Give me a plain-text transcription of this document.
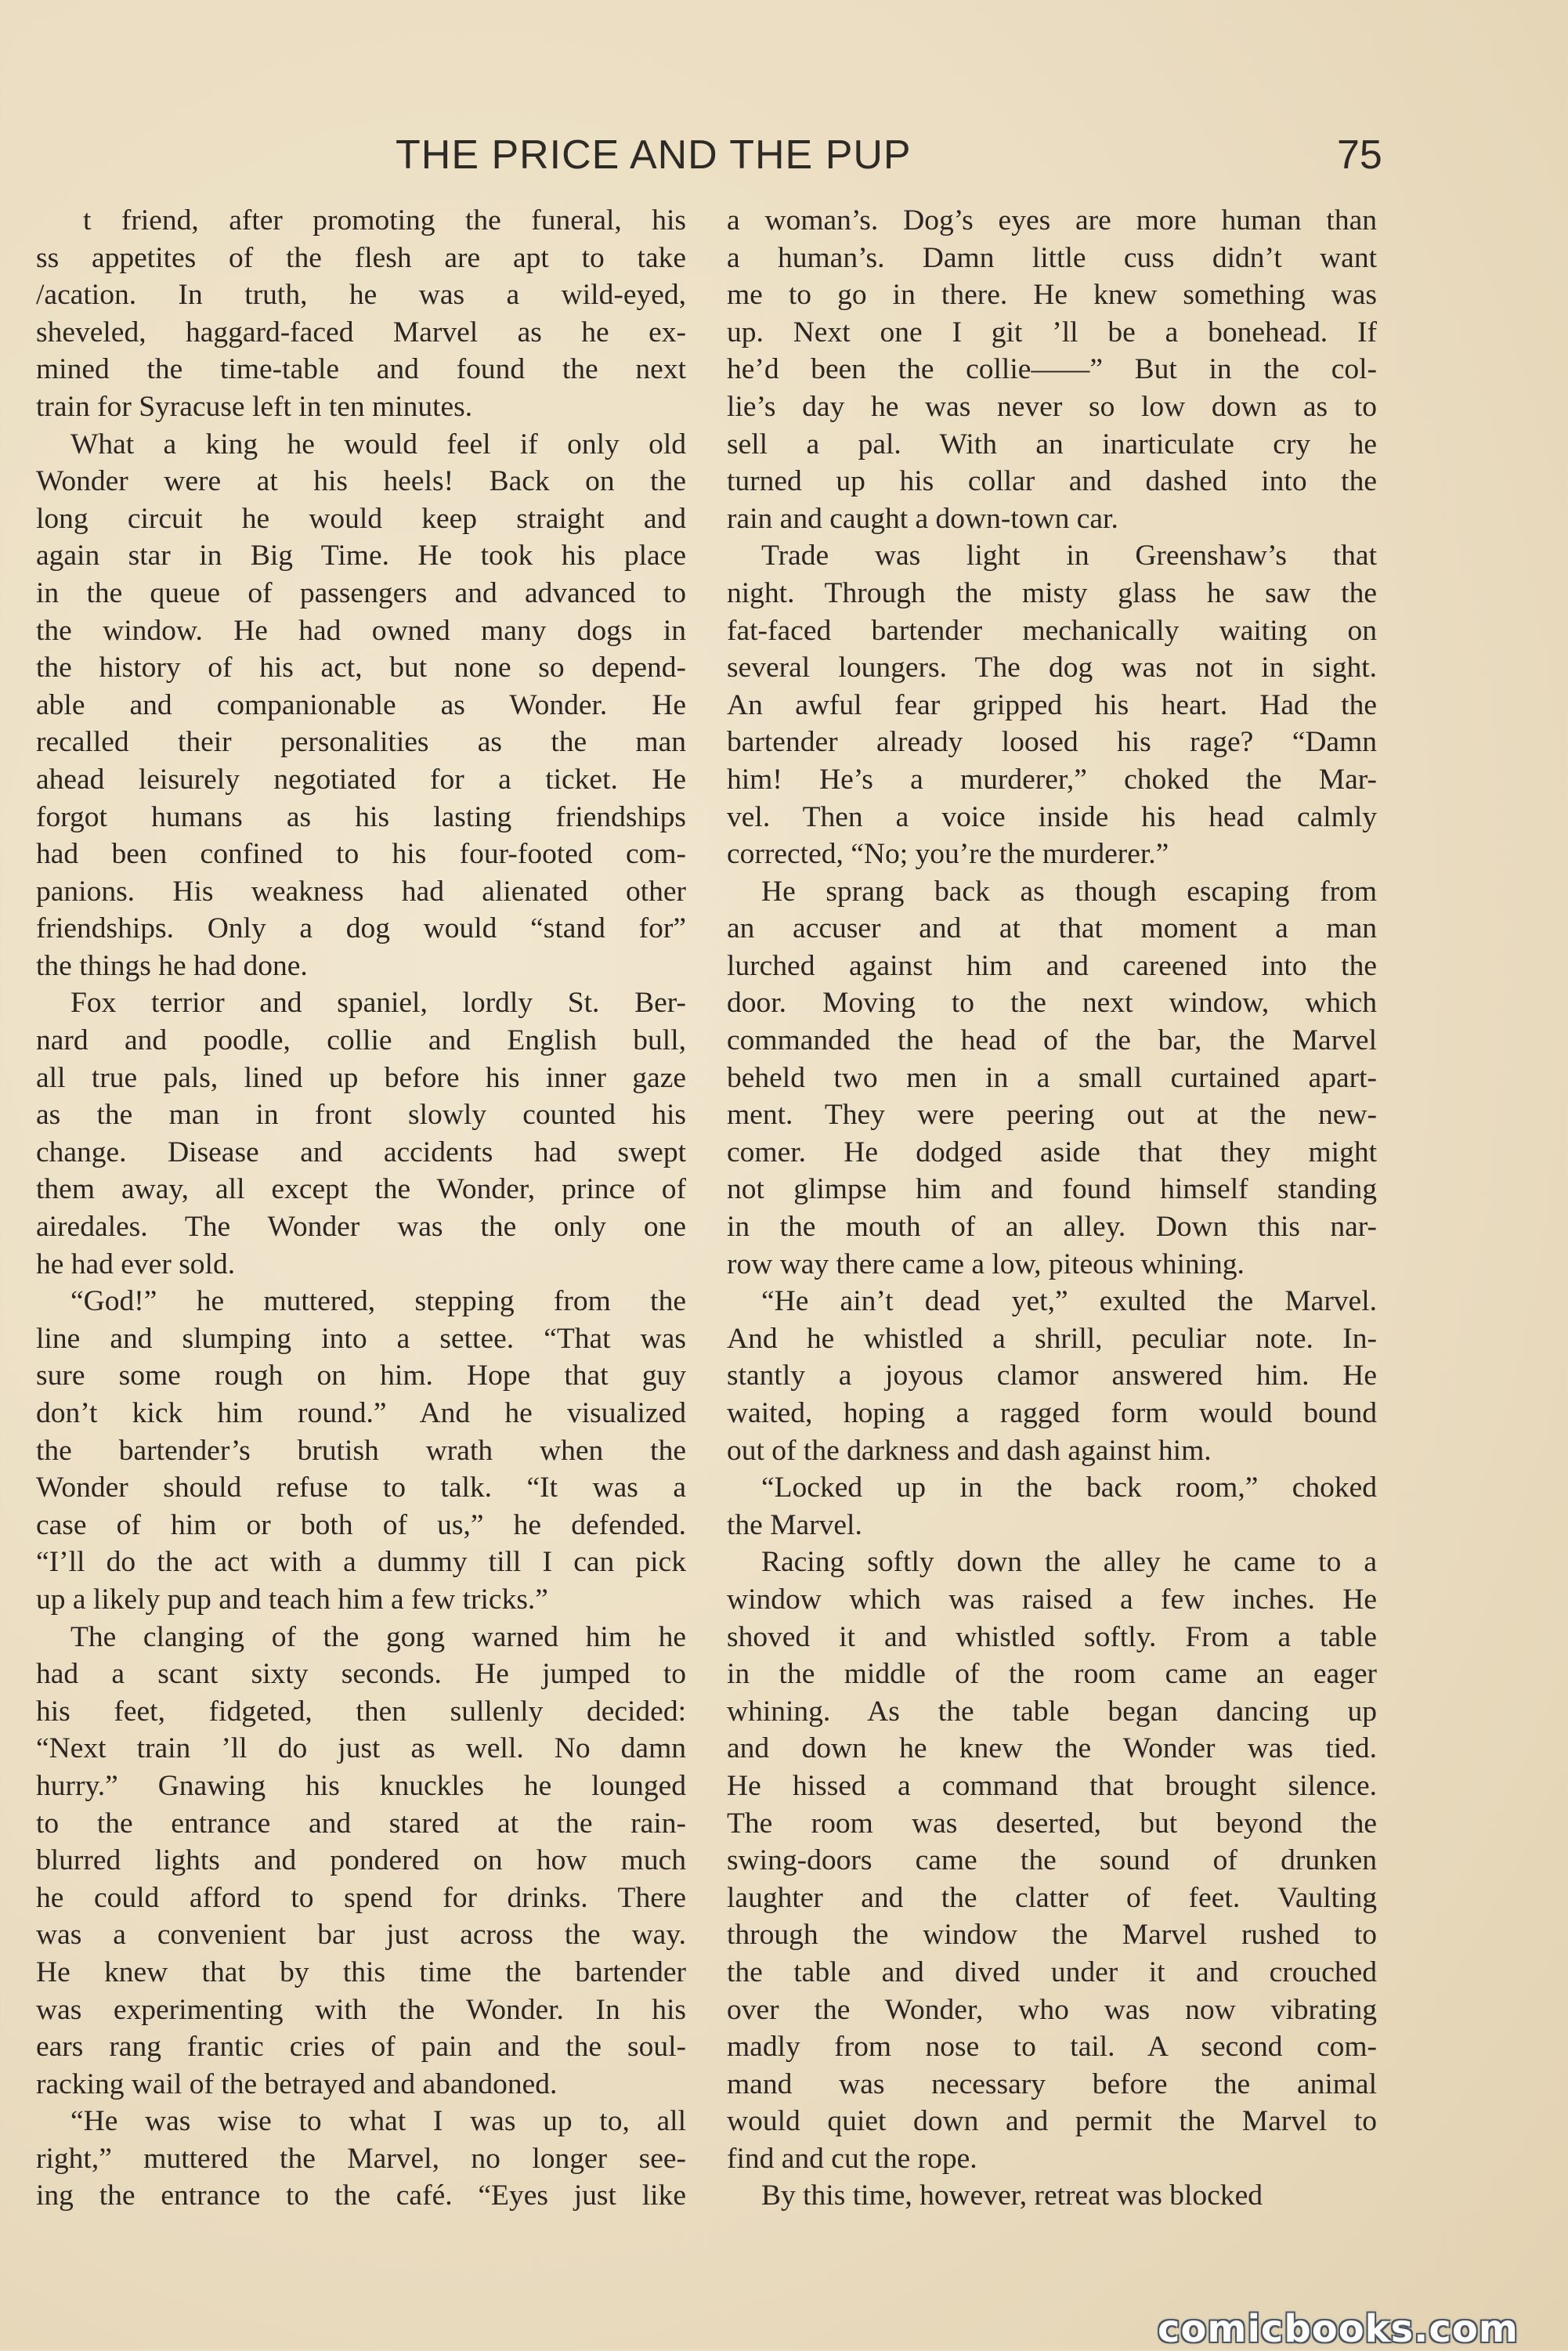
THE PRICE AND THE PUP	75
t friend, after promoting the funeral, his
ss appetites of the flesh are apt to take
/acation. In truth, he was a wild-eyed,
sheveled, haggard-faced Marvel as he ex-
mined the time-table and found the next
train for Syracuse left in ten minutes.
What a king he would feel if only old
Wonder were at his heels! Back on the
long circuit he would keep straight and
again star in Big Time. He took his place
in the queue of passengers and advanced to
the window. He had owned many dogs in
the history of his act, but none so depend-
able and companionable as Wonder. He
recalled their personalities as the man
ahead leisurely negotiated for a ticket. He
forgot humans as his lasting friendships
had been confined to his four-footed com-
panions. His weakness had alienated other
friendships. Only a dog would “stand for”
the things he had done.
Fox terrior and spaniel, lordly St. Ber-
nard and poodle, collie and English bull,
all true pals, lined up before his inner gaze
as the man in front slowly counted his
change. Disease and accidents had swept
them away, all except the Wonder, prince of
airedales. The Wonder was the only one
he had ever sold.
“God!” he muttered, stepping from the
line and slumping into a settee. “That was
sure some rough on him. Hope that guy
don’t kick him round.” And he visualized
the bartender’s brutish wrath when the
Wonder should refuse to talk. “It was a
case of him or both of us,” he defended.
“I’ll do the act with a dummy till I can pick
up a likely pup and teach him a few tricks.”
The clanging of the gong warned him he
had a scant sixty seconds. He jumped to
his feet, fidgeted, then sullenly decided:
“Next train ’ll do just as well. No damn
hurry.” Gnawing his knuckles he lounged
to the entrance and stared at the rain-
blurred lights and pondered on how much
he could afford to spend for drinks. There
was a convenient bar just across the way.
He knew that by this time the bartender
was experimenting with the Wonder. In his
ears rang frantic cries of pain and the soul-
racking wail of the betrayed and abandoned.
“He was wise to what I was up to, all
right,” muttered the Marvel, no longer see-
ing the entrance to the café. “Eyes just like
a woman’s. Dog’s eyes are more human than
a human’s. Damn little cuss didn’t want
me to go in there. He knew something was
up. Next one I git ’ll be a bonehead. If
he’d been the collie——” But in the col-
lie’s day he was never so low down as to
sell a pal. With an inarticulate cry he
turned up his collar and dashed into the
rain and caught a down-town car.
Trade was light in Greenshaw’s that
night. Through the misty glass he saw the
fat-faced bartender mechanically waiting on
several loungers. The dog was not in sight.
An awful fear gripped his heart. Had the
bartender already loosed his rage? “Damn
him! He’s a murderer,” choked the Mar-
vel. Then a voice inside his head calmly
corrected, “No; you’re the murderer.”
He sprang back as though escaping from
an accuser and at that moment a man
lurched against him and careened into the
door. Moving to the next window, which
commanded the head of the bar, the Marvel
beheld two men in a small curtained apart-
ment. They were peering out at the new-
comer. He dodged aside that they might
not glimpse him and found himself standing
in the mouth of an alley. Down this nar-
row way there came a low, piteous whining.
“He ain’t dead yet,” exulted the Marvel.
And he whistled a shrill, peculiar note. In-
stantly a joyous clamor answered him. He
waited, hoping a ragged form would bound
out of the darkness and dash against him.
“Locked up in the back room,” choked
the Marvel.
Racing softly down the alley he came to a
window which was raised a few inches. He
shoved it and whistled softly. From a table
in the middle of the room came an eager
whining. As the table began dancing up
and down he knew the Wonder was tied.
He hissed a command that brought silence.
The room was deserted, but beyond the
swing-doors came the sound of drunken
laughter and the clatter of feet. Vaulting
through the window the Marvel rushed to
the table and dived under it and crouched
over the Wonder, who was now vibrating
madly from nose to tail. A second com-
mand was necessary before the animal
would quiet down and permit the Marvel to
find and cut the rope.
By this time, however, retreat was blocked
comicbooks.com
